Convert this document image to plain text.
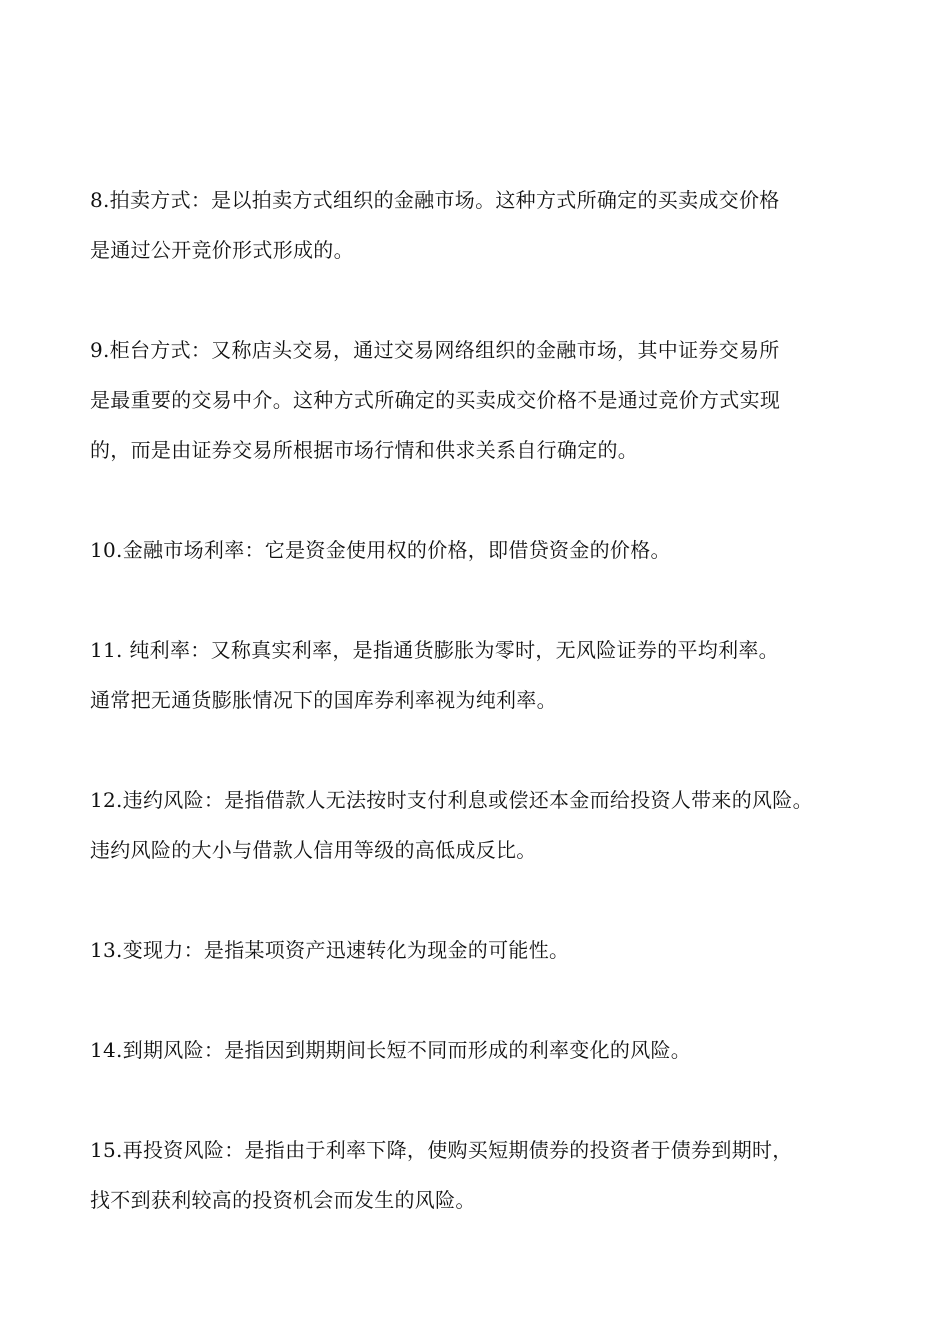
8.拍卖方式：是以拍卖方式组织的金融市场。这种方式所确定的买卖成交价格
是通过公开竞价形式形成的。
9.柜台方式：又称店头交易，通过交易网络组织的金融市场，其中证券交易所
是最重要的交易中介。这种方式所确定的买卖成交价格不是通过竞价方式实现
的，而是由证券交易所根据市场行情和供求关系自行确定的。
10.金融市场利率：它是资金使用权的价格，即借贷资金的价格。
11. 纯利率：又称真实利率，是指通货膨胀为零时，无风险证券的平均利率。
通常把无通货膨胀情况下的国库券利率视为纯利率。
12.违约风险：是指借款人无法按时支付利息或偿还本金而给投资人带来的风险。
违约风险的大小与借款人信用等级的高低成反比。
13.变现力：是指某项资产迅速转化为现金的可能性。
14.到期风险：是指因到期期间长短不同而形成的利率变化的风险。
15.再投资风险：是指由于利率下降，使购买短期债券的投资者于债券到期时，
找不到获利较高的投资机会而发生的风险。
